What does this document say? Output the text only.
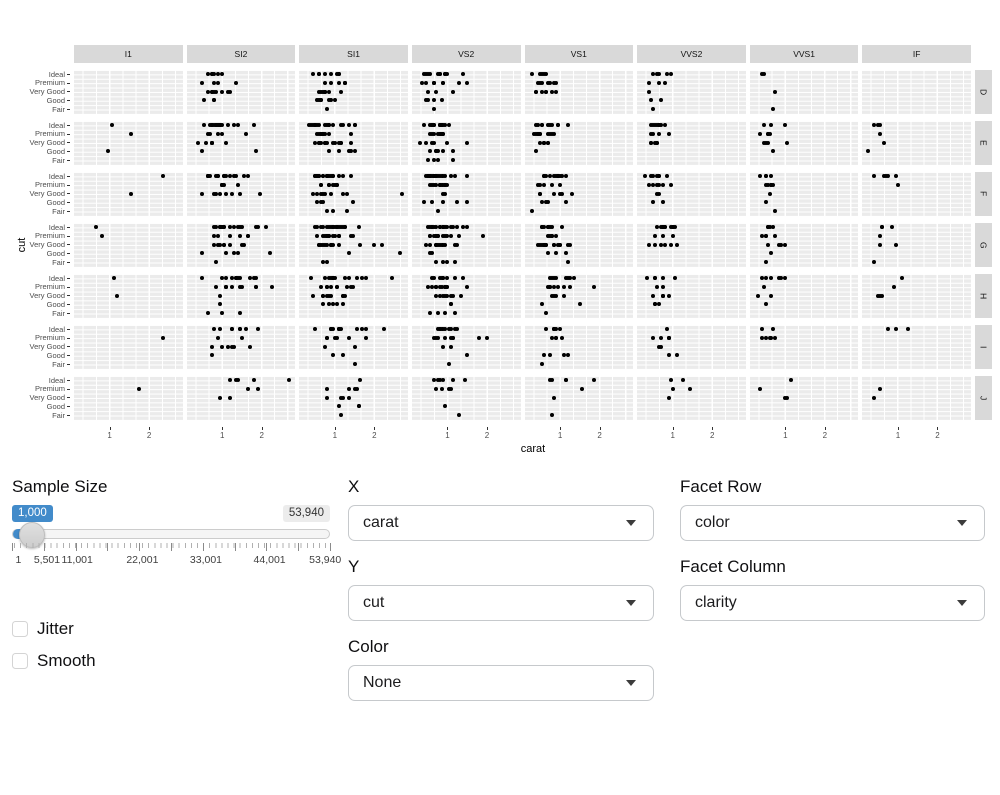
I1	SI2	SI1	VS2	VS1	VVS2	VVS1	IF
Ideal
Premium
Very Good
Good
Fair
D
Ideal
Premium
Very Good
Good
Fair
E
Ideal
Premium
Very Good
Good
Fair
F
Ideal
Premium
Very Good
Good
Fair
G
Ideal
Premium
Very Good
Good
Fair
H
Ideal
Premium
Very Good
Good
Fair
I
Ideal
Premium
Very Good
Good
Fair
J
1	2	1	2	1	2	1	2	1	2	1	2	1	2	1	2
carat
cut
Sample Size
1,000	53,940
1 5,501 11,001	22,001	33,001	44,001 53,940
Jitter
Smooth
X
carat
Y
cut
Color
None
Facet Row
color
Facet Column
clarity
